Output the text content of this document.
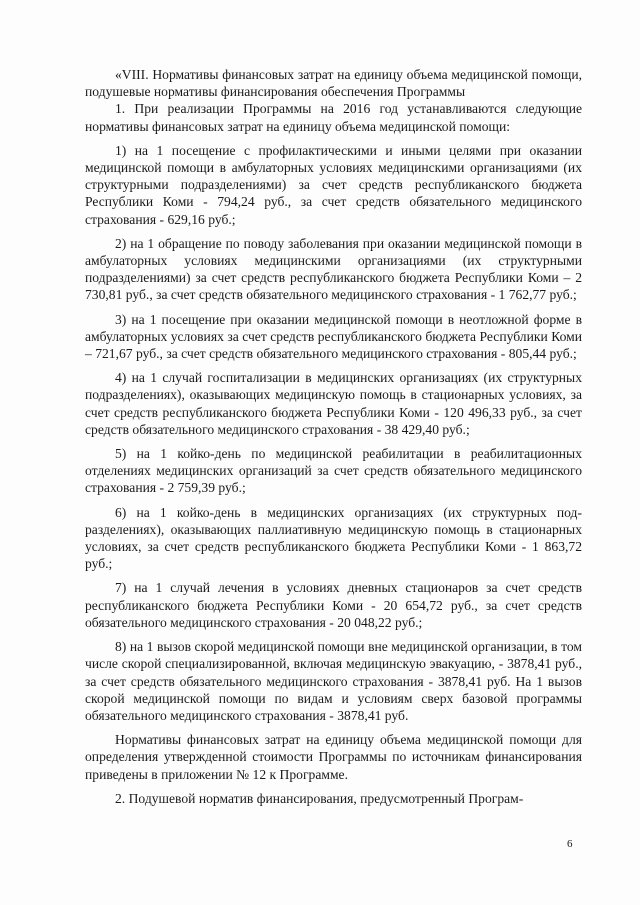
«VIII. Нормативы финансовых затрат на единицу объема медицинской помощи, подушевые нормативы финансирования обеспечения Программы

1. При реализации Программы на 2016 год устанавливаются следующие нормативы финансовых затрат на единицу объема медицинской помощи:

1) на 1 посещение с профилактическими и иными целями при оказании медицинской помощи в амбулаторных условиях медицинскими организациями (их структурными подразделениями) за счет средств республиканского бюджета Республики Коми - 794,24 руб., за счет средств обязательного медицинского страхования - 629,16 руб.;

2) на 1 обращение по поводу заболевания при оказании медицинской помощи в амбулаторных условиях медицинскими организациями (их структурными подразделениями) за счет средств республиканского бюджета Республики Коми – 2 730,81 руб., за счет средств обязательного медицинского страхования - 1 762,77 руб.;

3) на 1 посещение при оказании медицинской помощи в неотложной форме в амбулаторных условиях за счет средств республиканского бюджета Республики Коми – 721,67 руб., за счет средств обязательного медицинского страхования - 805,44 руб.;

4) на 1 случай госпитализации в медицинских организациях (их структурных подразделениях), оказывающих медицинскую помощь в стационарных условиях, за счет средств республиканского бюджета Республики Коми - 120 496,33 руб., за счет средств обязательного медицинского страхования - 38 429,40 руб.;

5) на 1 койко-день по медицинской реабилитации в реабилитационных отделениях медицинских организаций за счет средств обязательного медицинского страхования - 2 759,39 руб.;

6) на 1 койко-день в медицинских организациях (их структурных подразделениях), оказывающих паллиативную медицинскую помощь в стационарных условиях, за счет средств республиканского бюджета Республики Коми - 1 863,72 руб.;

7) на 1 случай лечения в условиях дневных стационаров за счет средств республиканского бюджета Республики Коми - 20 654,72 руб., за счет средств обязательного медицинского страхования - 20 048,22 руб.;

8) на 1 вызов скорой медицинской помощи вне медицинской организации, в том числе скорой специализированной, включая медицинскую эвакуацию, - 3878,41 руб., за счет средств обязательного медицинского страхования - 3878,41 руб. На 1 вызов скорой медицинской помощи по видам и условиям сверх базовой программы обязательного медицинского страхования - 3878,41 руб.

Нормативы финансовых затрат на единицу объема медицинской помощи для определения утвержденной стоимости Программы по источникам финансирования приведены в приложении № 12 к Программе.

2. Подушевой норматив финансирования, предусмотренный Програм-

6
